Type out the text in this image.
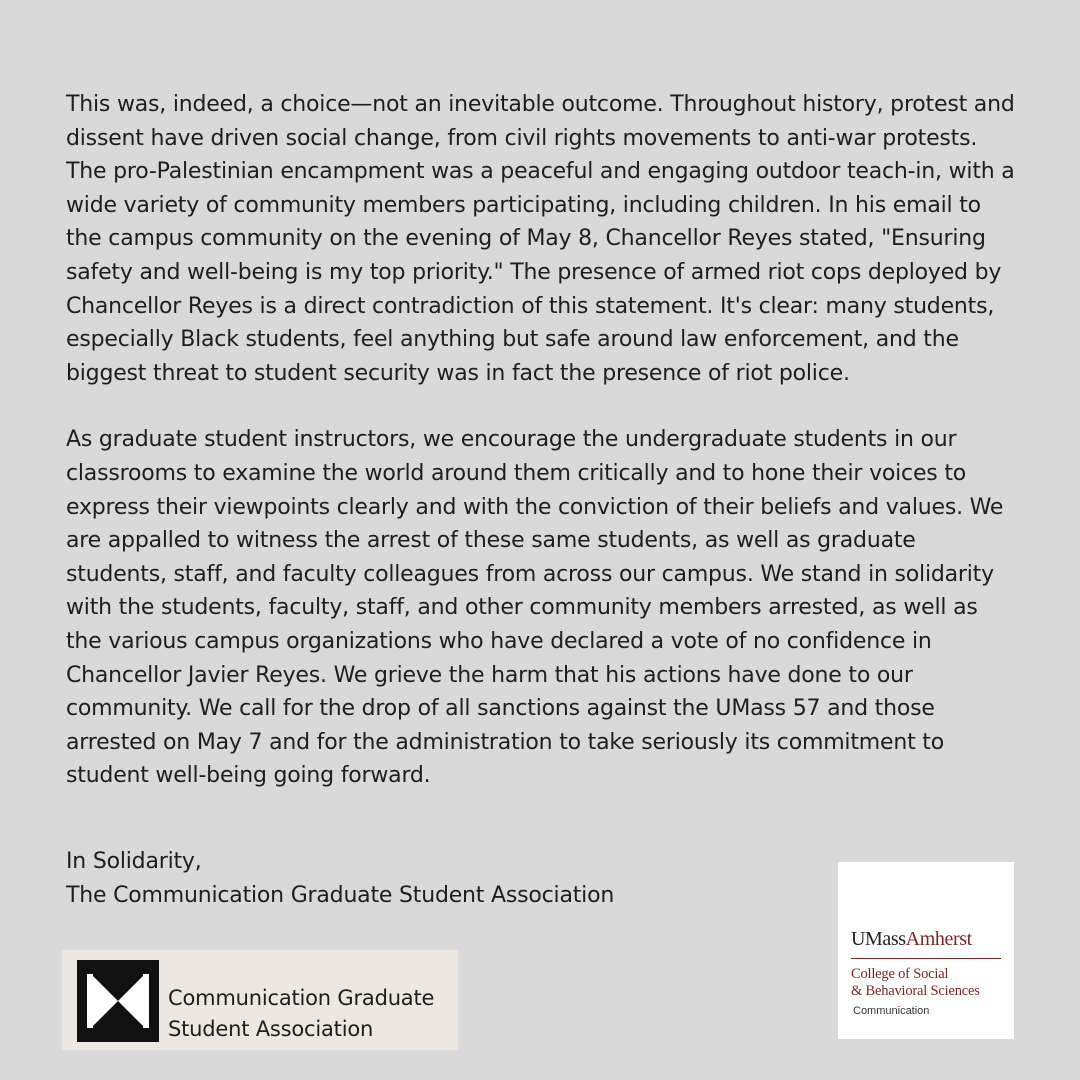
This was, indeed, a choice—not an inevitable outcome. Throughout history, protest and dissent have driven social change, from civil rights movements to anti-war protests. The pro-Palestinian encampment was a peaceful and engaging outdoor teach-in, with a wide variety of community members participating, including children. In his email to the campus community on the evening of May 8, Chancellor Reyes stated, "Ensuring safety and well-being is my top priority." The presence of armed riot cops deployed by Chancellor Reyes is a direct contradiction of this statement. It's clear: many students, especially Black students, feel anything but safe around law enforcement, and the biggest threat to student security was in fact the presence of riot police.

As graduate student instructors, we encourage the undergraduate students in our classrooms to examine the world around them critically and to hone their voices to express their viewpoints clearly and with the conviction of their beliefs and values. We are appalled to witness the arrest of these same students, as well as graduate students, staff, and faculty colleagues from across our campus. We stand in solidarity with the students, faculty, staff, and other community members arrested, as well as the various campus organizations who have declared a vote of no confidence in Chancellor Javier Reyes. We grieve the harm that his actions have done to our community. We call for the drop of all sanctions against the UMass 57 and those arrested on May 7 and for the administration to take seriously its commitment to student well-being going forward.

In Solidarity,
The Communication Graduate Student Association
Communication Graduate
Student Association
UMassAmherst
College of Social
& Behavioral Sciences
Communication
